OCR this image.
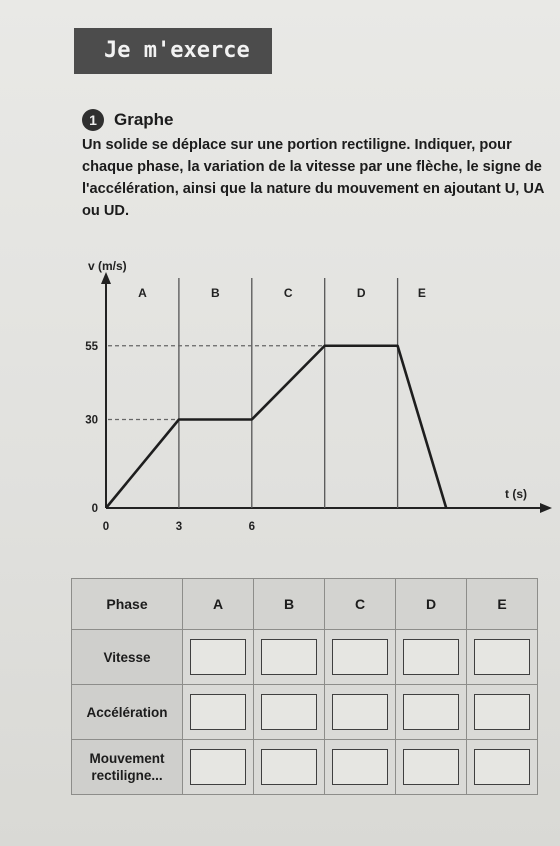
Je m'exerce
1	Graphe
Un solide se déplace sur une portion rectiligne. Indiquer, pour chaque phase, la variation de la vitesse par une flèche, le signe de l'accélération, ainsi que la nature du mouvement en ajoutant U, UA ou UD.
v (m/s)
t (s)
A	B	C	D	E
0
30
55
0	3	6
Phase	A	B	C	D	E
Vitesse	

Accélération	

Mouvement rectiligne...	
